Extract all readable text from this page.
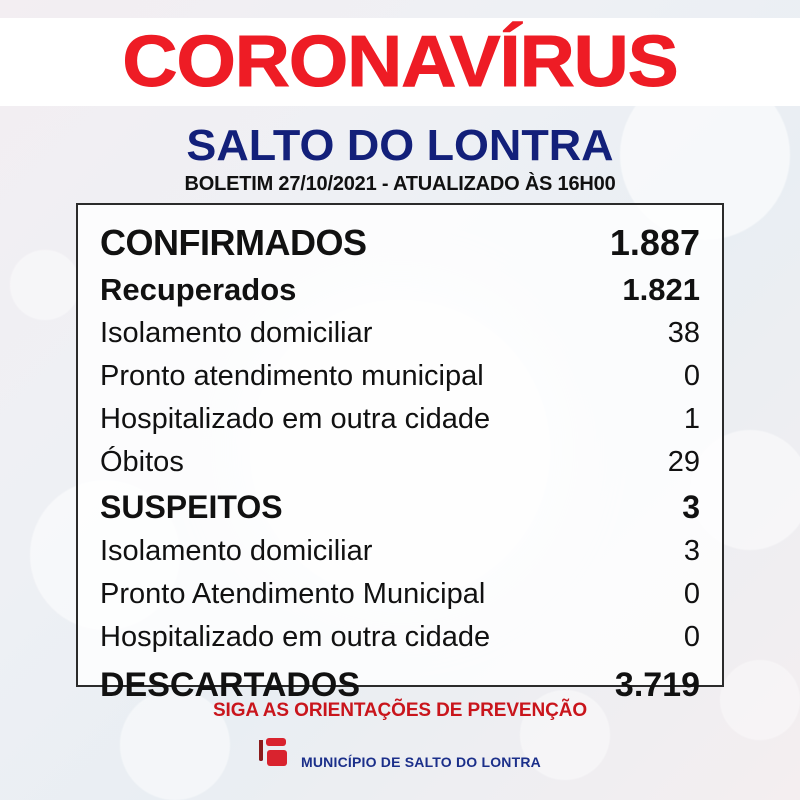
CORONAVÍRUS
SALTO DO LONTRA
BOLETIM 27/10/2021 - ATUALIZADO ÀS 16H00
CONFIRMADOS	1.887
Recuperados	1.821
Isolamento domiciliar	38
Pronto atendimento municipal	0
Hospitalizado em outra cidade	1
Óbitos	29
SUSPEITOS	3
Isolamento domiciliar	3
Pronto Atendimento Municipal	0
Hospitalizado em outra cidade	0
DESCARTADOS	3.719
SIGA AS ORIENTAÇÕES DE PREVENÇÃO
MUNICÍPIO DE SALTO DO LONTRA
